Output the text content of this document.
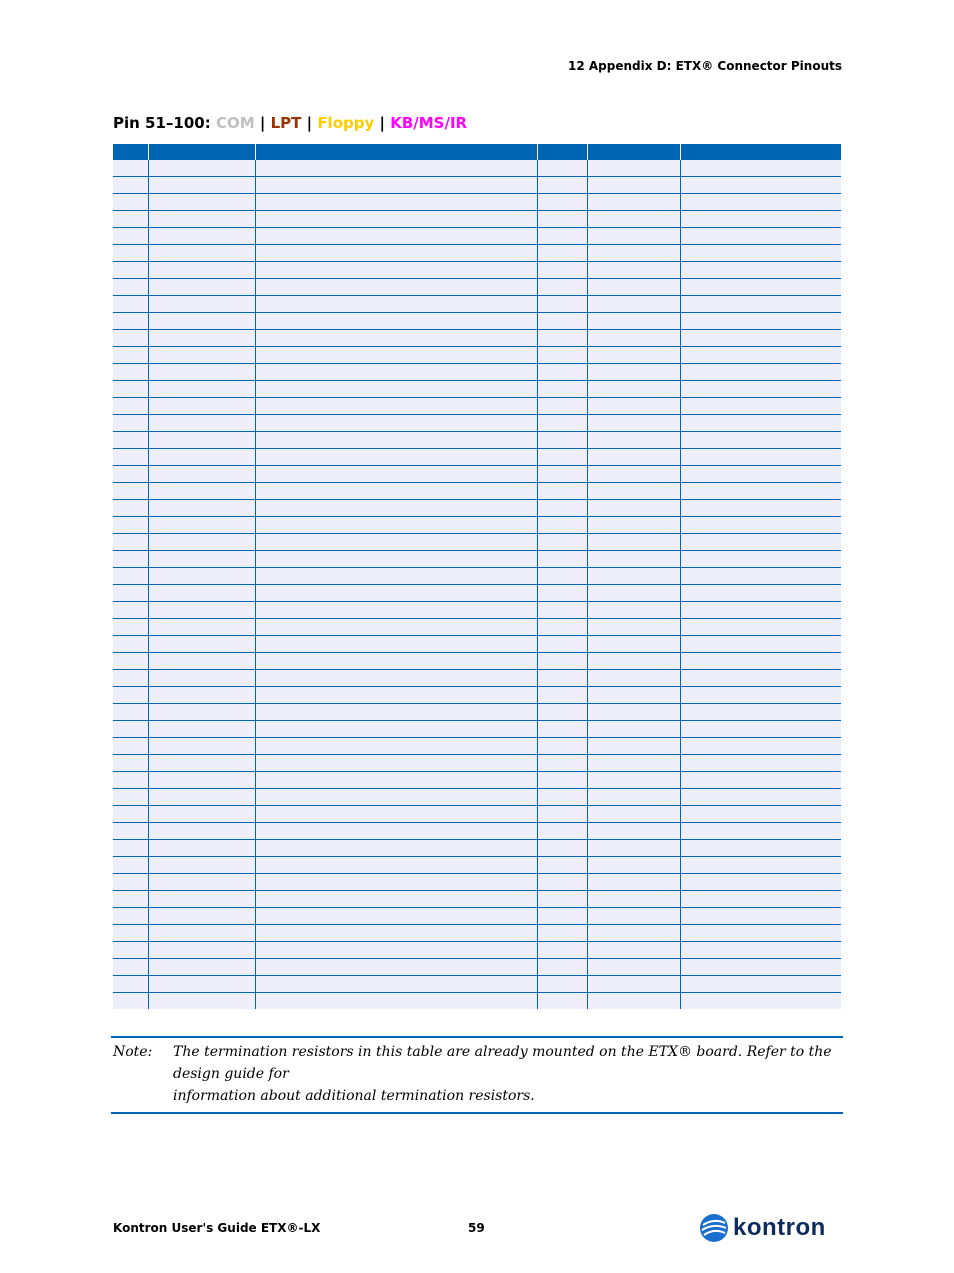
12 Appendix D: ETX® Connector Pinouts
Pin 51–100: COM | LPT | Floppy | KB/MS/IR

Note:	The termination resistors in this table are already mounted on the ETX® board. Refer to the design guide for
information about additional termination resistors.
Kontron User's Guide ETX®-LX	59	kontron
